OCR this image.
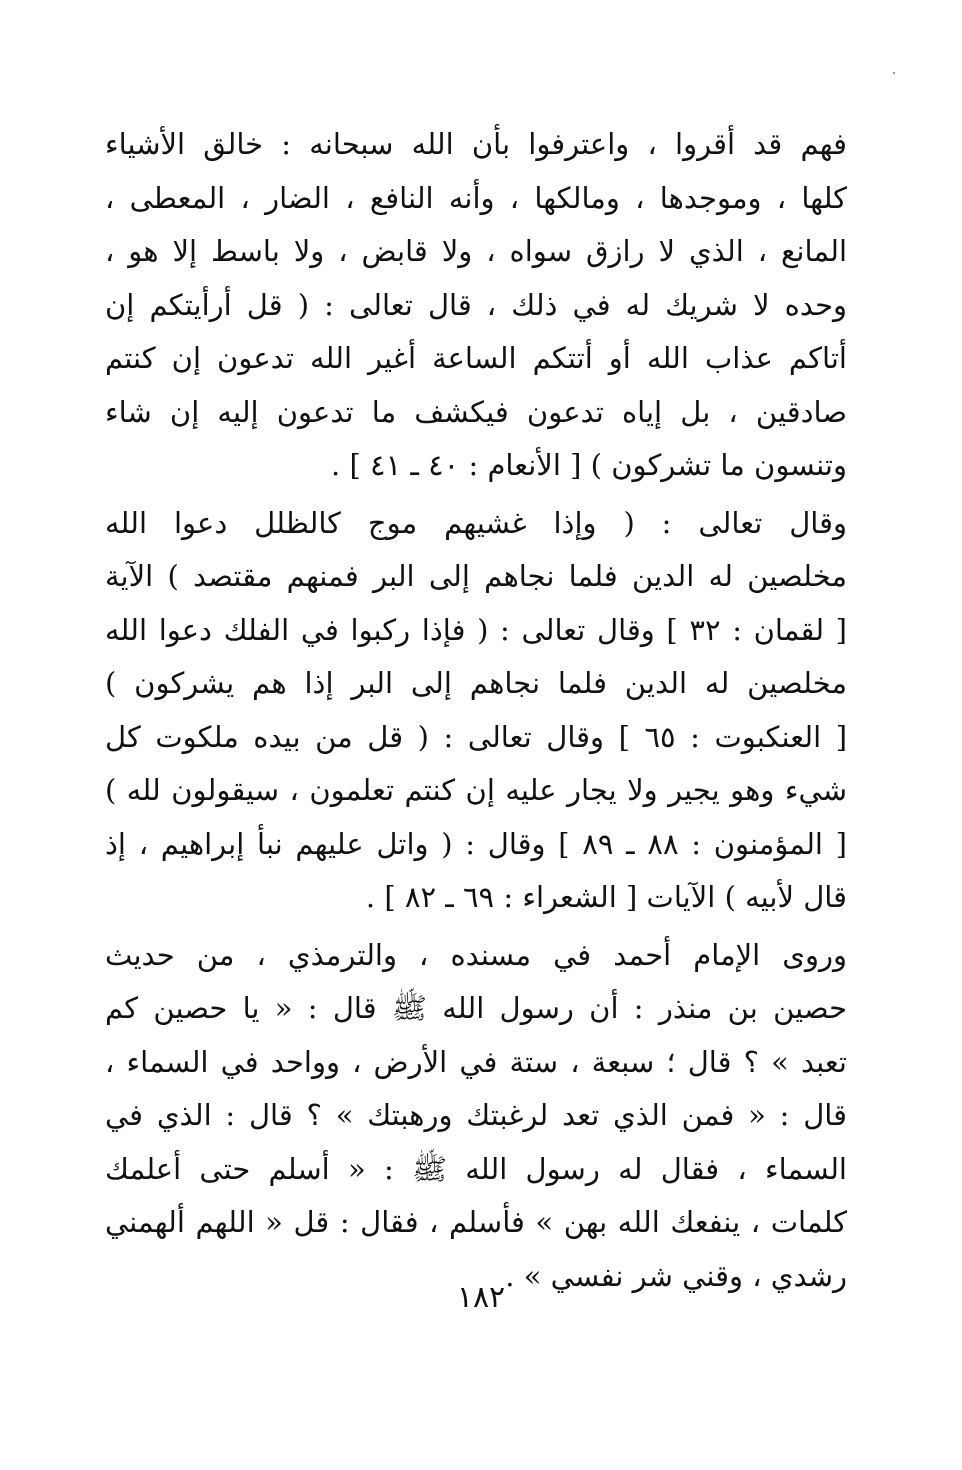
فهم قد أقروا ، واعترفوا بأن الله سبحانه : خالق الأشياء
كلها ، وموجدها ، ومالكها ، وأنه النافع ، الضار ، المعطى ،
المانع ، الذي لا رازق سواه ، ولا قابض ، ولا باسط إلا هو ،
وحده لا شريك له في ذلك ، قال تعالى : ( قل أرأيتكم إن
أتاكم عذاب الله أو أتتكم الساعة أغير الله تدعون إن كنتم
صادقين ، بل إياه تدعون فيكشف ما تدعون إليه إن شاء
وتنسون ما تشركون ) [ الأنعام : ٤٠ ـ ٤١ ] .
وقال تعالى : ( وإذا غشيهم موج كالظلل دعوا الله
مخلصين له الدين فلما نجاهم إلى البر فمنهم مقتصد ) الآية
[ لقمان : ٣٢ ] وقال تعالى : ( فإذا ركبوا في الفلك دعوا الله
مخلصين له الدين فلما نجاهم إلى البر إذا هم يشركون )
[ العنكبوت : ٦٥ ] وقال تعالى : ( قل من بيده ملكوت كل
شيء وهو يجير ولا يجار عليه إن كنتم تعلمون ، سيقولون لله )
[ المؤمنون : ٨٨ ـ ٨٩ ] وقال : ( واتل عليهم نبأ إبراهيم ، إذ
قال لأبيه ) الآيات [ الشعراء : ٦٩ ـ ٨٢ ] .
وروى الإمام أحمد في مسنده ، والترمذي ، من حديث
حصين بن منذر : أن رسول الله ﷺ قال : « يا حصين كم
تعبد » ؟ قال ؛ سبعة ، ستة في الأرض ، وواحد في السماء ،
قال : « فمن الذي تعد لرغبتك ورهبتك » ؟ قال : الذي في
السماء ، فقال له رسول الله ﷺ : « أسلم حتى أعلمك
كلمات ، ينفعك الله بهن » فأسلم ، فقال : قل « اللهم ألهمني
رشدي ، وقني شر نفسي » .
١٨٢
